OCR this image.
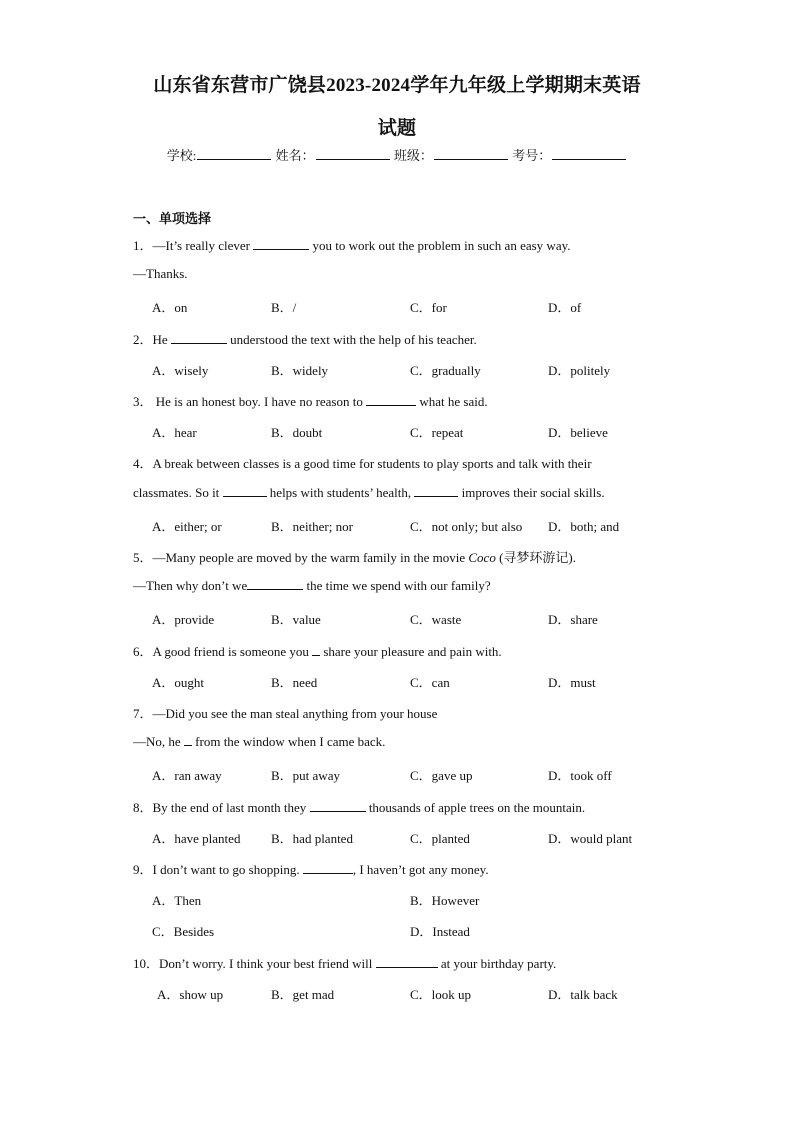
山东省东营市广饶县2023-2024学年九年级上学期期末英语
试题
学校:	姓名：	班级：	考号：
一、单项选择
1．—It’s really clever	you to work out the problem in such an easy way.
—Thanks.
A．on	B．/	C．for	D．of
2．He	understood the text with the help of his teacher.
A．wisely	B．widely	C．gradually	D．politely
3． He is an honest boy. I have no reason to	what he said.
A．hear	B．doubt	C．repeat	D．believe
4．A break between classes is a good time for students to play sports and talk with their
classmates. So it	helps with students’ health,	improves their social skills.
A．either; or	B．neither; nor	C．not only; but also D．both; and
5．—Many people are moved by the warm family in the movie Coco (寻梦环游记).
—Then why don’t we	the time we spend with our family?
A．provide	B．value	C．waste	D．share
6．A good friend is someone you  share your pleasure and pain with.
A．ought	B．need	C．can	D．must
7．—Did you see the man steal anything from your house
—No, he  from the window when I came back.
A．ran away	B．put away	C．gave up	D．took off
8．By the end of last month they	thousands of apple trees on the mountain.
A．have planted B．had planted	C．planted	D．would plant
9．I don’t want to go shopping.	, I haven’t got any money.
A．Then	B．However
C．Besides	D．Instead
10．Don’t worry. I think your best friend will	at your birthday party.
A．show up	B．get mad	C．look up	D．talk back
